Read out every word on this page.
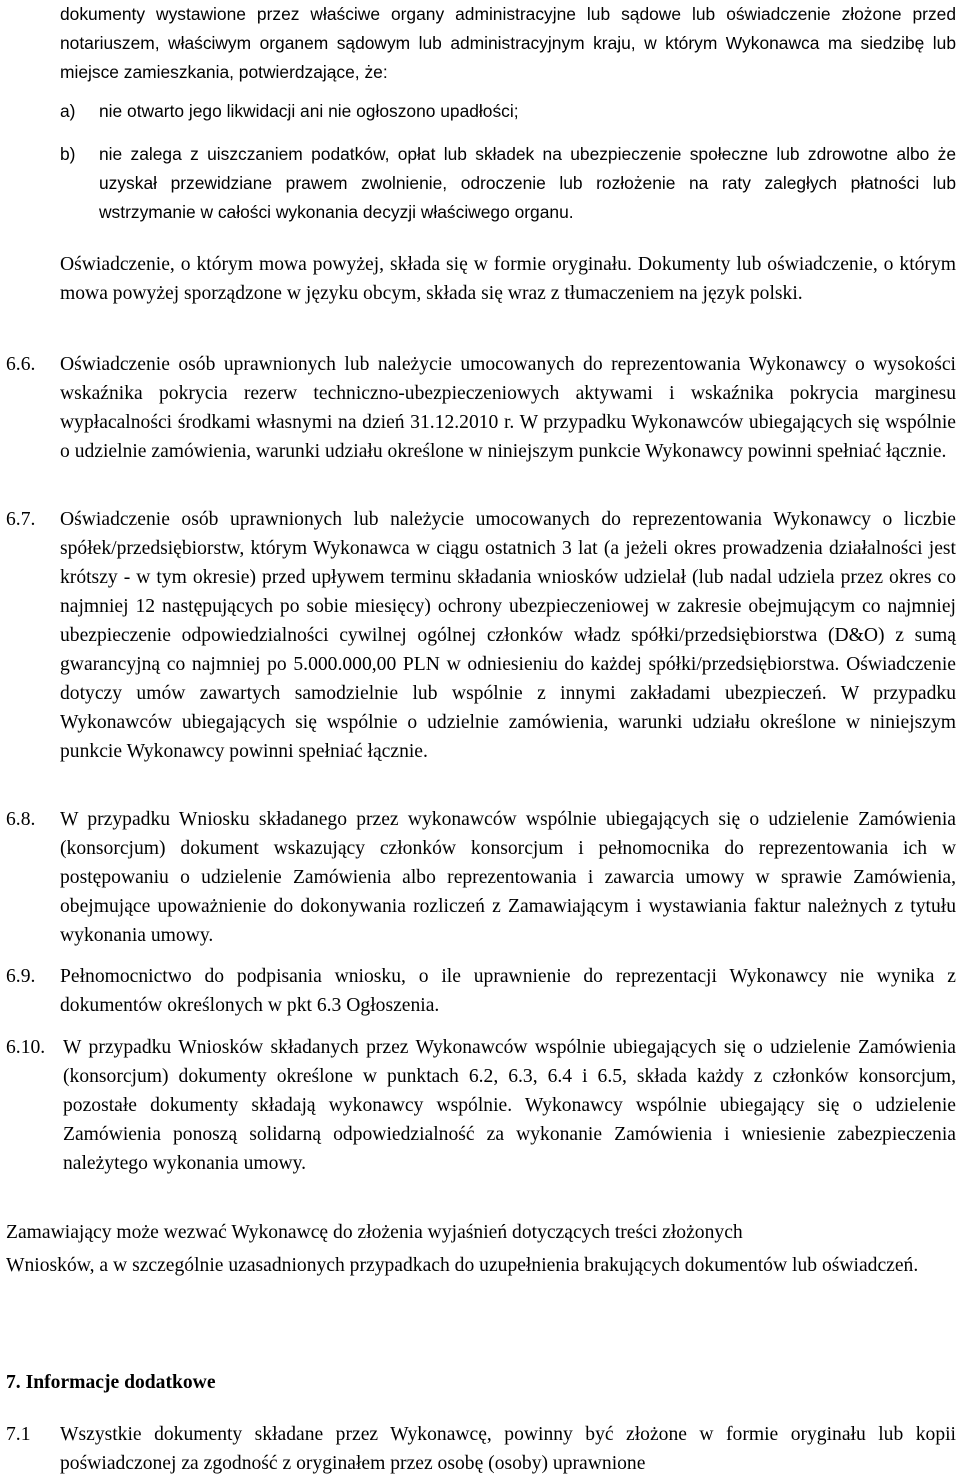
dokumenty wystawione przez właściwe organy administracyjne lub sądowe lub oświadczenie złożone przed notariuszem, właściwym organem sądowym lub administracyjnym kraju, w którym Wykonawca ma siedzibę lub miejsce zamieszkania, potwierdzające, że:
a) nie otwarto jego likwidacji ani nie ogłoszono upadłości;
b) nie zalega z uiszczaniem podatków, opłat lub składek na ubezpieczenie społeczne lub zdrowotne albo że uzyskał przewidziane prawem zwolnienie, odroczenie lub rozłożenie na raty zaległych płatności lub wstrzymanie w całości wykonania decyzji właściwego organu.
Oświadczenie, o którym mowa powyżej, składa się w formie oryginału. Dokumenty lub oświadczenie, o którym mowa powyżej sporządzone w języku obcym, składa się wraz z tłumaczeniem na język polski.
6.6. Oświadczenie osób uprawnionych lub należycie umocowanych do reprezentowania Wykonawcy o wysokości wskaźnika pokrycia rezerw techniczno-ubezpieczeniowych aktywami i wskaźnika pokrycia marginesu wypłacalności środkami własnymi na dzień 31.12.2010 r. W przypadku Wykonawców ubiegających się wspólnie o udzielnie zamówienia, warunki udziału określone w niniejszym punkcie Wykonawcy powinni spełniać łącznie.
6.7. Oświadczenie osób uprawnionych lub należycie umocowanych do reprezentowania Wykonawcy o liczbie spółek/przedsiębiorstw, którym Wykonawca w ciągu ostatnich 3 lat (a jeżeli okres prowadzenia działalności jest krótszy - w tym okresie) przed upływem terminu składania wniosków udzielał (lub nadal udziela przez okres co najmniej 12 następujących po sobie miesięcy) ochrony ubezpieczeniowej w zakresie obejmującym co najmniej ubezpieczenie odpowiedzialności cywilnej ogólnej członków władz spółki/przedsiębiorstwa (D&O) z sumą gwarancyjną co najmniej po 5.000.000,00 PLN w odniesieniu do każdej spółki/przedsiębiorstwa. Oświadczenie dotyczy umów zawartych samodzielnie lub wspólnie z innymi zakładami ubezpieczeń. W przypadku Wykonawców ubiegających się wspólnie o udzielnie zamówienia, warunki udziału określone w niniejszym punkcie Wykonawcy powinni spełniać łącznie.
6.8. W przypadku Wniosku składanego przez wykonawców wspólnie ubiegających się o udzielenie Zamówienia (konsorcjum) dokument wskazujący członków konsorcjum i pełnomocnika do reprezentowania ich w postępowaniu o udzielenie Zamówienia albo reprezentowania i zawarcia umowy w sprawie Zamówienia, obejmujące upoważnienie do dokonywania rozliczeń z Zamawiającym i wystawiania faktur należnych z tytułu wykonania umowy.
6.9. Pełnomocnictwo do podpisania wniosku, o ile uprawnienie do reprezentacji Wykonawcy nie wynika z dokumentów określonych w pkt 6.3 Ogłoszenia.
6.10. W przypadku Wniosków składanych przez Wykonawców wspólnie ubiegających się o udzielenie Zamówienia (konsorcjum) dokumenty określone w punktach 6.2, 6.3, 6.4 i 6.5, składa każdy z członków konsorcjum, pozostałe dokumenty składają wykonawcy wspólnie. Wykonawcy wspólnie ubiegający się o udzielenie Zamówienia ponoszą solidarną odpowiedzialność za wykonanie Zamówienia i wniesienie zabezpieczenia należytego wykonania umowy.
Zamawiający może wezwać Wykonawcę do złożenia wyjaśnień dotyczących treści złożonych
Wniosków, a w szczególnie uzasadnionych przypadkach do uzupełnienia brakujących dokumentów lub oświadczeń.
7. Informacje dodatkowe
7.1 Wszystkie dokumenty składane przez Wykonawcę, powinny być złożone w formie oryginału lub kopii poświadczonej za zgodność z oryginałem przez osobę (osoby) uprawnione
